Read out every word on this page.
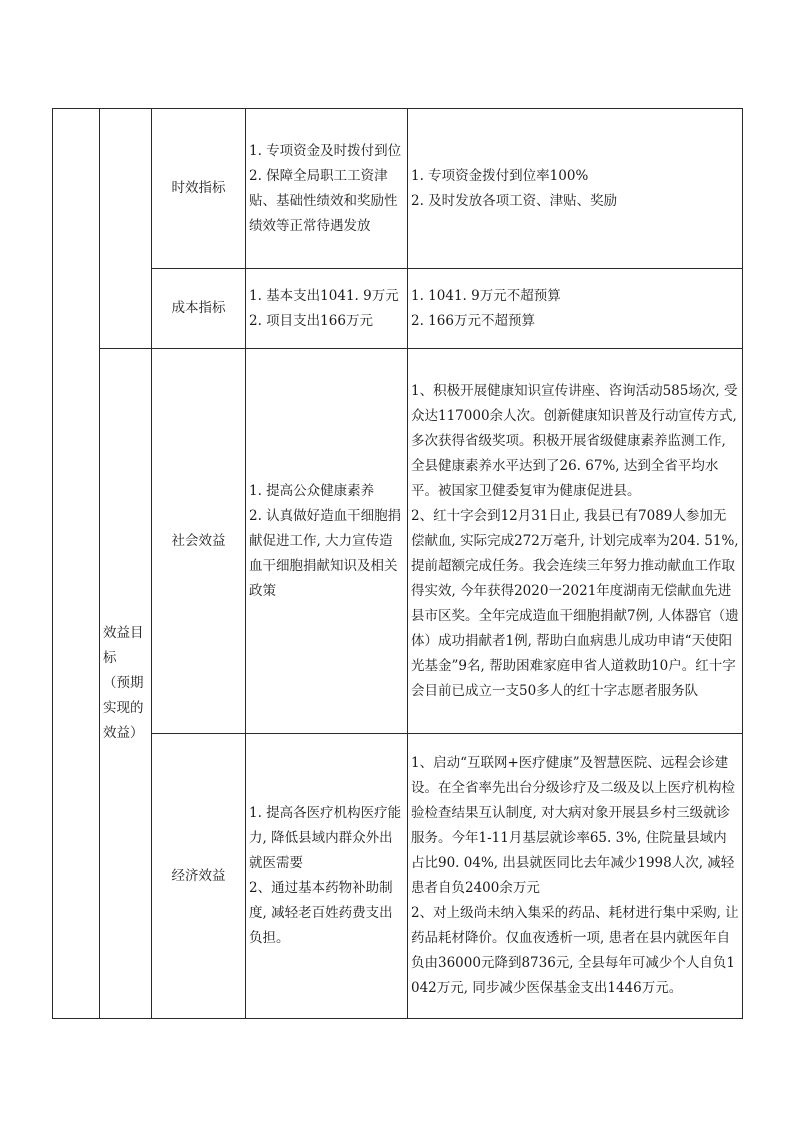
		时效指标	1. 专项资金及时拨付到位
2. 保障全局职工工资津贴、基础性绩效和奖励性绩效等正常待遇发放	1. 专项资金拨付到位率100%
2. 及时发放各项工资、津贴、奖励

		成本指标	1. 基本支出1041. 9万元
2. 项目支出166万元	1. 1041. 9万元不超预算
2. 166万元不超预算

	效益目标
（预期实现的效益）	社会效益	1. 提高公众健康素养
2. 认真做好造血干细胞捐献促进工作, 大力宣传造血干细胞捐献知识及相关政策	1、积极开展健康知识宣传讲座、咨询活动585场次, 受众达117000余人次。创新健康知识普及行动宣传方式, 多次获得省级奖项。积极开展省级健康素养监测工作, 全县健康素养水平达到了26. 67%, 达到全省平均水平。被国家卫健委复审为健康促进县。
2、红十字会到12月31日止, 我县已有7089人参加无偿献血, 实际完成272万毫升, 计划完成率为204. 51%, 提前超额完成任务。我会连续三年努力推动献血工作取得实效, 今年获得2020一2021年度湖南无偿献血先进县市区奖。全年完成造血干细胞捐献7例, 人体器官（遗体）成功捐献者1例, 帮助白血病患儿成功申请“天使阳光基金”9名, 帮助困难家庭申省人道救助10户。红十字会目前已成立一支50多人的红十字志愿者服务队

		经济效益	1. 提高各医疗机构医疗能力, 降低县域内群众外出就医需要
2、通过基本药物补助制度, 减轻老百姓药费支出负担。	1、启动“互联网+医疗健康”及智慧医院、远程会诊建设。在全省率先出台分级诊疗及二级及以上医疗机构检验检查结果互认制度, 对大病对象开展县乡村三级就诊服务。今年1-11月基层就诊率65. 3%, 住院量县域内占比90. 04%, 出县就医同比去年减少1998人次, 减轻患者自负2400余万元
2、对上级尚未纳入集采的药品、耗材进行集中采购, 让药品耗材降价。仅血夜透析一项, 患者在县内就医年自负由36000元降到8736元, 全县每年可减少个人自负1042万元, 同步减少医保基金支出1446万元。
